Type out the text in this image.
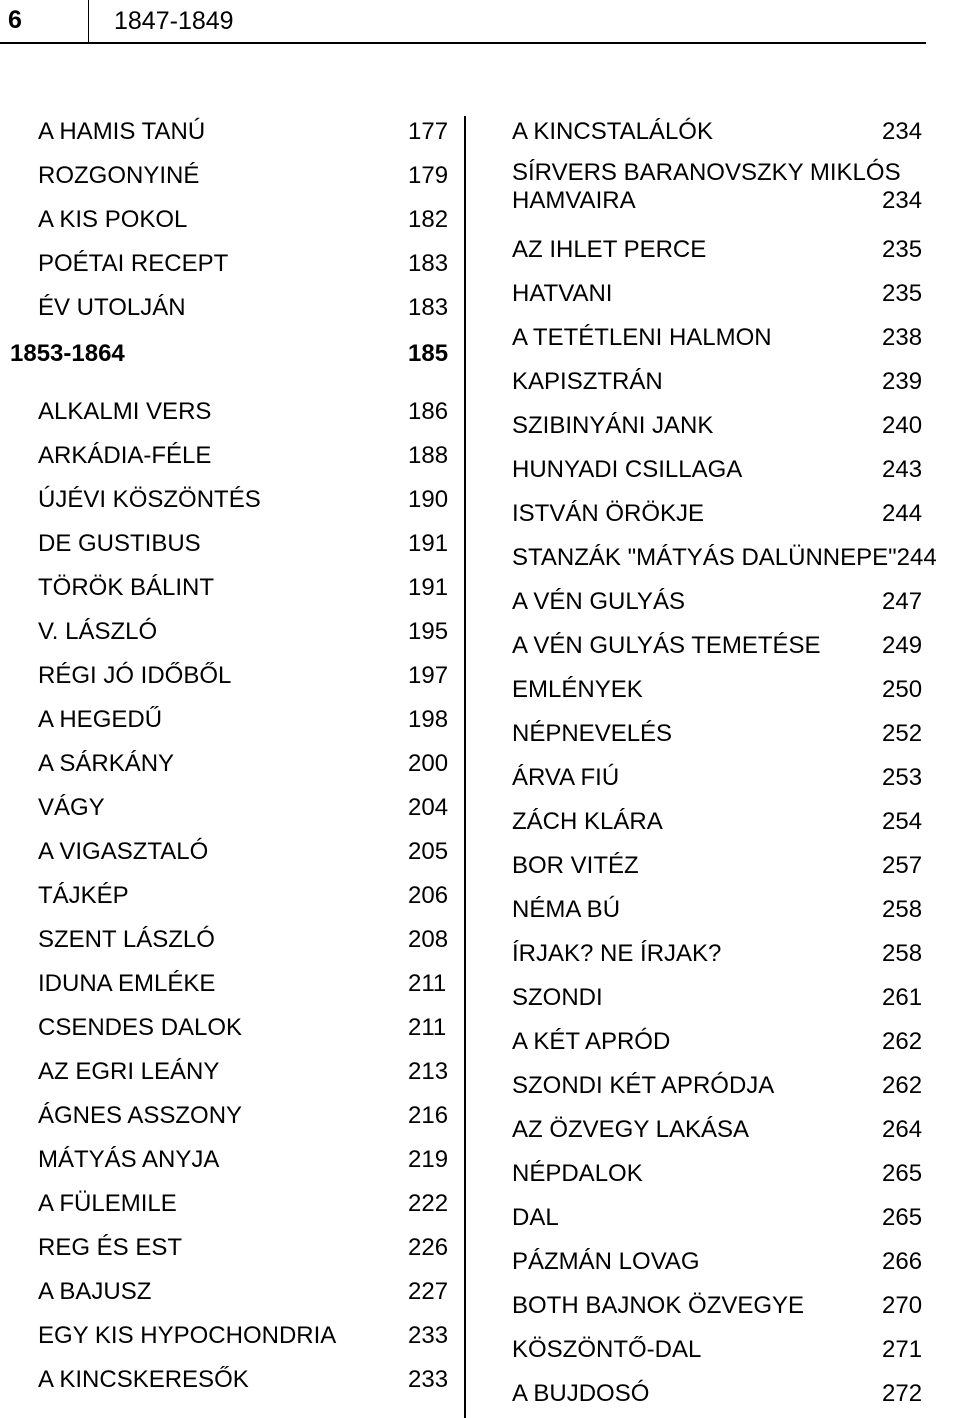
6	1847-1849
A HAMIS TANÚ	177
ROZGONYINÉ	179
A KIS POKOL	182
POÉTAI RECEPT	183
ÉV UTOLJÁN	183
1853-1864	185
ALKALMI VERS	186
ARKÁDIA-FÉLE	188
ÚJÉVI KÖSZÖNTÉS	190
DE GUSTIBUS	191
TÖRÖK BÁLINT	191
V. LÁSZLÓ	195
RÉGI JÓ IDŐBŐL	197
A HEGEDŰ	198
A SÁRKÁNY	200
VÁGY	204
A VIGASZTALÓ	205
TÁJKÉP	206
SZENT LÁSZLÓ	208
IDUNA EMLÉKE	211
CSENDES DALOK	211
AZ EGRI LEÁNY	213
ÁGNES ASSZONY	216
MÁTYÁS ANYJA	219
A FÜLEMILE	222
REG ÉS EST	226
A BAJUSZ	227
EGY KIS HYPOCHONDRIA	233
A KINCSKERESŐK	233
A KINCSTALÁLÓK	234
SÍRVERS BARANOVSZKY MIKLÓS
HAMVAIRA	234
AZ IHLET PERCE	235
HATVANI	235
A TETÉTLENI HALMON	238
KAPISZTRÁN	239
SZIBINYÁNI JANK	240
HUNYADI CSILLAGA	243
ISTVÁN ÖRÖKJE	244
STANZÁK "MÁTYÁS DALÜNNEPE"244
A VÉN GULYÁS	247
A VÉN GULYÁS TEMETÉSE	249
EMLÉNYEK	250
NÉPNEVELÉS	252
ÁRVA FIÚ	253
ZÁCH KLÁRA	254
BOR VITÉZ	257
NÉMA BÚ	258
ÍRJAK? NE ÍRJAK?	258
SZONDI	261
A KÉT APRÓD	262
SZONDI KÉT APRÓDJA	262
AZ ÖZVEGY LAKÁSA	264
NÉPDALOK	265
DAL	265
PÁZMÁN LOVAG	266
BOTH BAJNOK ÖZVEGYE	270
KÖSZÖNTŐ-DAL	271
A BUJDOSÓ	272
